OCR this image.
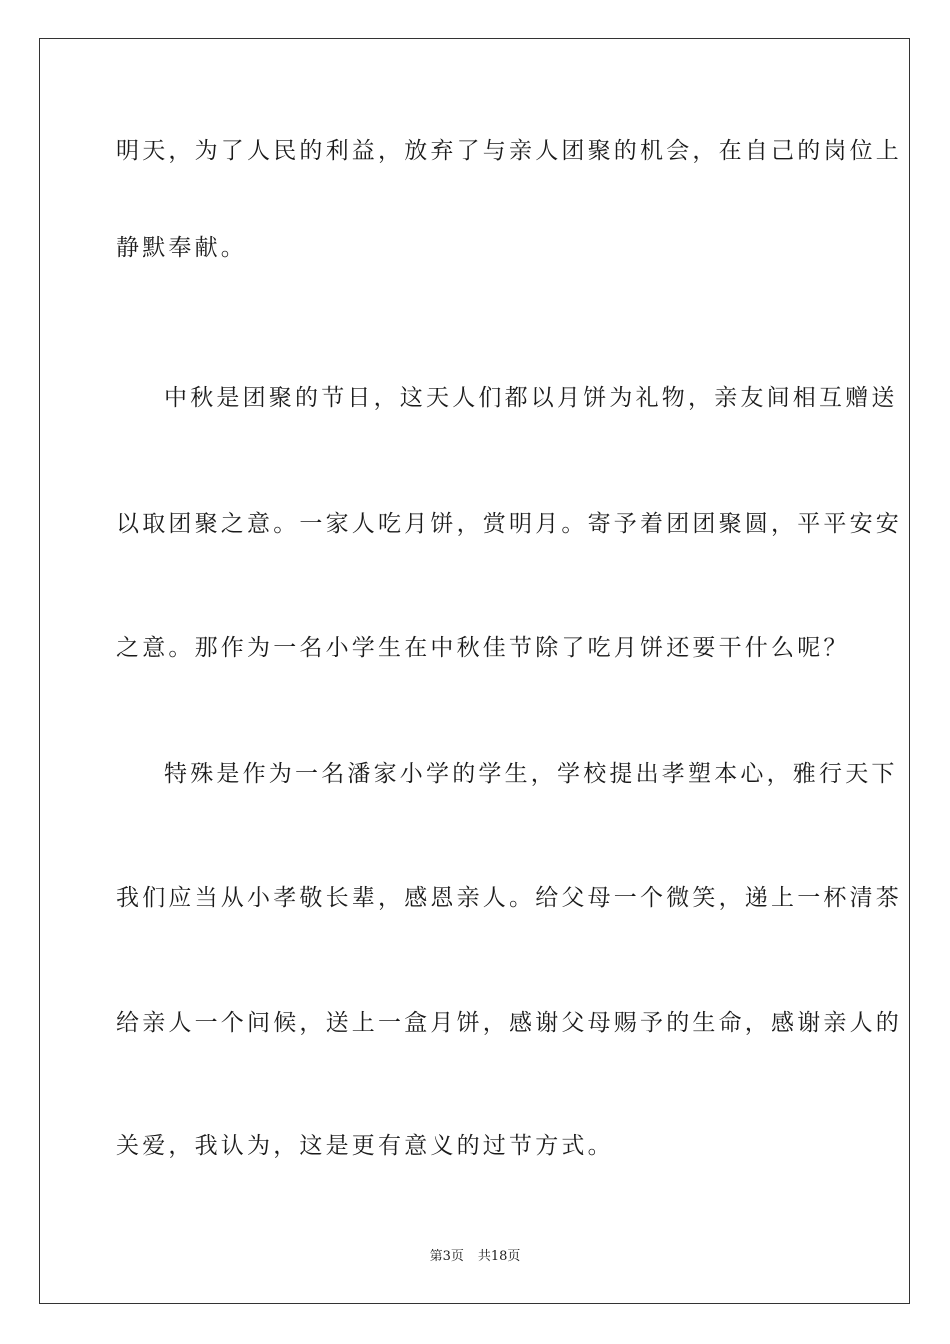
明天，为了人民的利益，放弃了与亲人团聚的机会，在自己的岗位上
静默奉献。
中秋是团聚的节日，这天人们都以月饼为礼物，亲友间相互赠送
以取团聚之意。一家人吃月饼，赏明月。寄予着团团聚圆，平平安安
之意。那作为一名小学生在中秋佳节除了吃月饼还要干什么呢？
特殊是作为一名潘家小学的学生，学校提出孝塑本心，雅行天下
我们应当从小孝敬长辈，感恩亲人。给父母一个微笑，递上一杯清茶
给亲人一个问候，送上一盒月饼，感谢父母赐予的生命，感谢亲人的
关爱，我认为，这是更有意义的过节方式。
第3页 共18页
